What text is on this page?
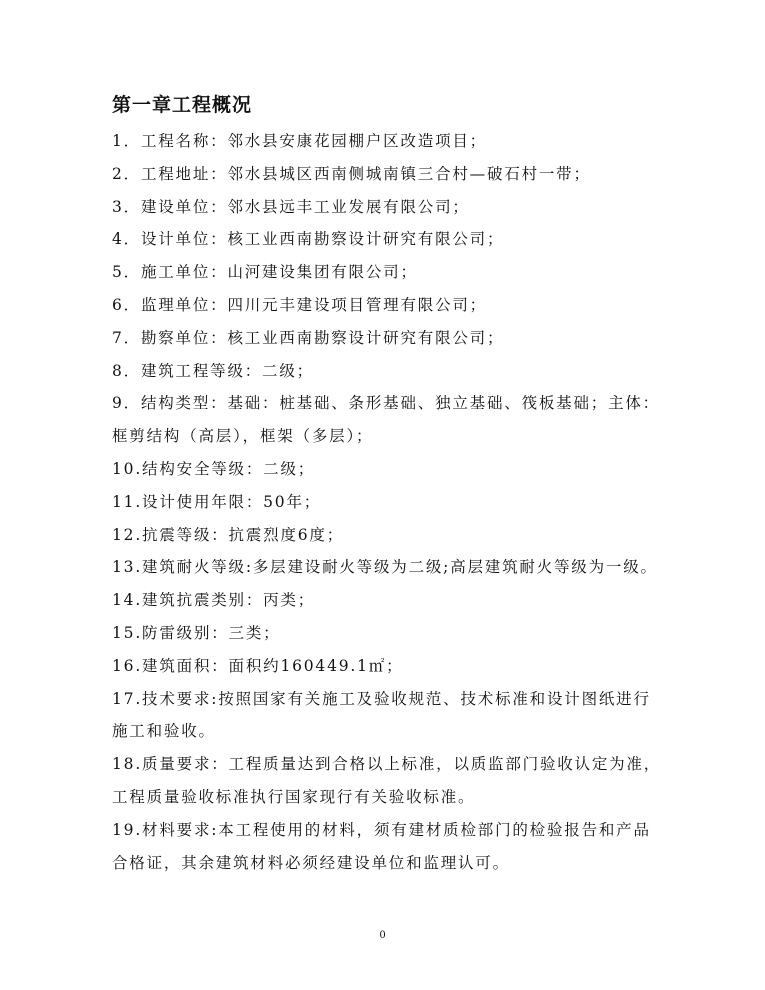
第一章工程概况

1．工程名称：邻水县安康花园棚户区改造项目；

2．工程地址：邻水县城区西南侧城南镇三合村—破石村一带；

3．建设单位：邻水县远丰工业发展有限公司；

4．设计单位：核工业西南勘察设计研究有限公司；

5．施工单位：山河建设集团有限公司；

6．监理单位：四川元丰建设项目管理有限公司；

7．勘察单位：核工业西南勘察设计研究有限公司；

8．建筑工程等级：二级；

9．结构类型：基础：桩基础、条形基础、独立基础、筏板基础；主体：
框剪结构（高层），框架（多层）；

10.结构安全等级：二级；

11.设计使用年限：50年；

12.抗震等级：抗震烈度6度；

13.建筑耐火等级:多层建设耐火等级为二级;高层建筑耐火等级为一级。

14.建筑抗震类别：丙类；

15.防雷级别：三类；

16.建筑面积：面积约160449.1㎡；

17.技术要求:按照国家有关施工及验收规范、技术标准和设计图纸进行
施工和验收。

18.质量要求：工程质量达到合格以上标准，以质监部门验收认定为准，
工程质量验收标准执行国家现行有关验收标准。

19.材料要求:本工程使用的材料，须有建材质检部门的检验报告和产品
合格证，其余建筑材料必须经建设单位和监理认可。

0
